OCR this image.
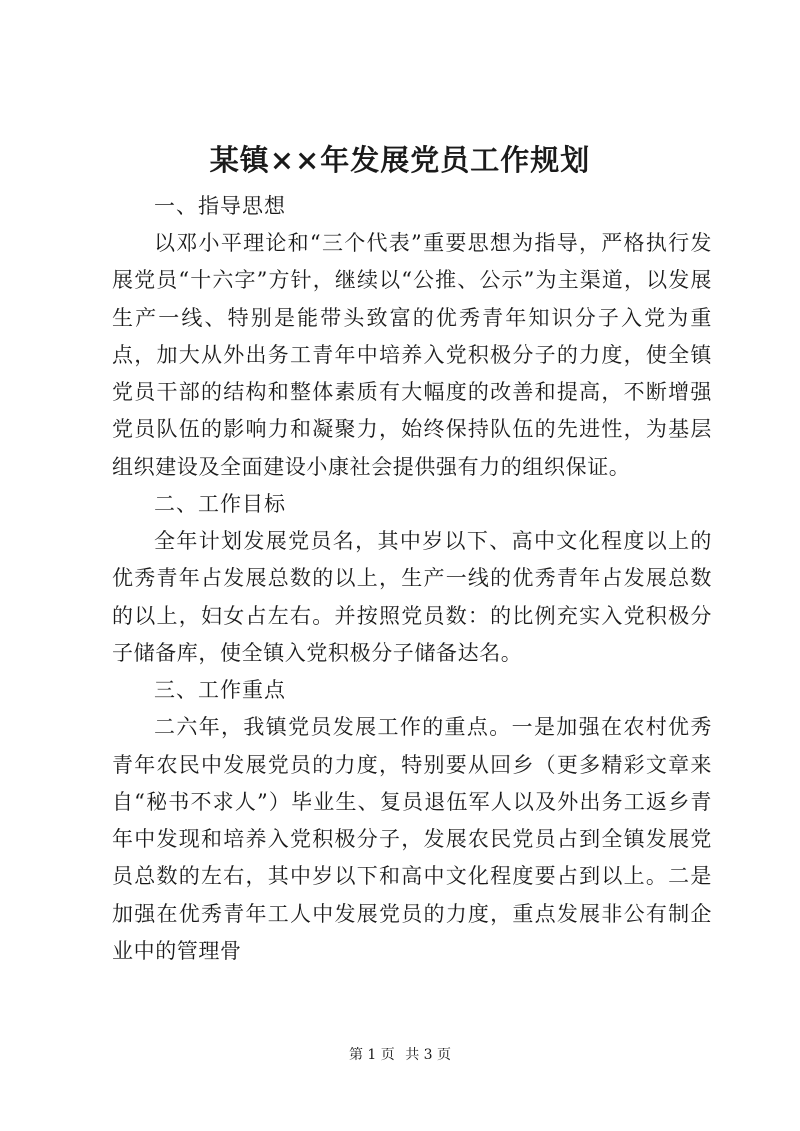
某镇××年发展党员工作规划

一、指导思想

以邓小平理论和“三个代表”重要思想为指导，严格执行发展党员“十六字”方针，继续以“公推、公示”为主渠道，以发展生产一线、特别是能带头致富的优秀青年知识分子入党为重点，加大从外出务工青年中培养入党积极分子的力度，使全镇党员干部的结构和整体素质有大幅度的改善和提高，不断增强党员队伍的影响力和凝聚力，始终保持队伍的先进性，为基层组织建设及全面建设小康社会提供强有力的组织保证。

二、工作目标

全年计划发展党员名，其中岁以下、高中文化程度以上的优秀青年占发展总数的以上，生产一线的优秀青年占发展总数的以上，妇女占左右。并按照党员数：的比例充实入党积极分子储备库，使全镇入党积极分子储备达名。

三、工作重点

二六年，我镇党员发展工作的重点。一是加强在农村优秀青年农民中发展党员的力度，特别要从回乡（更多精彩文章来自“秘书不求人”）毕业生、复员退伍军人以及外出务工返乡青年中发现和培养入党积极分子，发展农民党员占到全镇发展党员总数的左右，其中岁以下和高中文化程度要占到以上。二是加强在优秀青年工人中发展党员的力度，重点发展非公有制企业中的管理骨

第 1 页 共 3 页
